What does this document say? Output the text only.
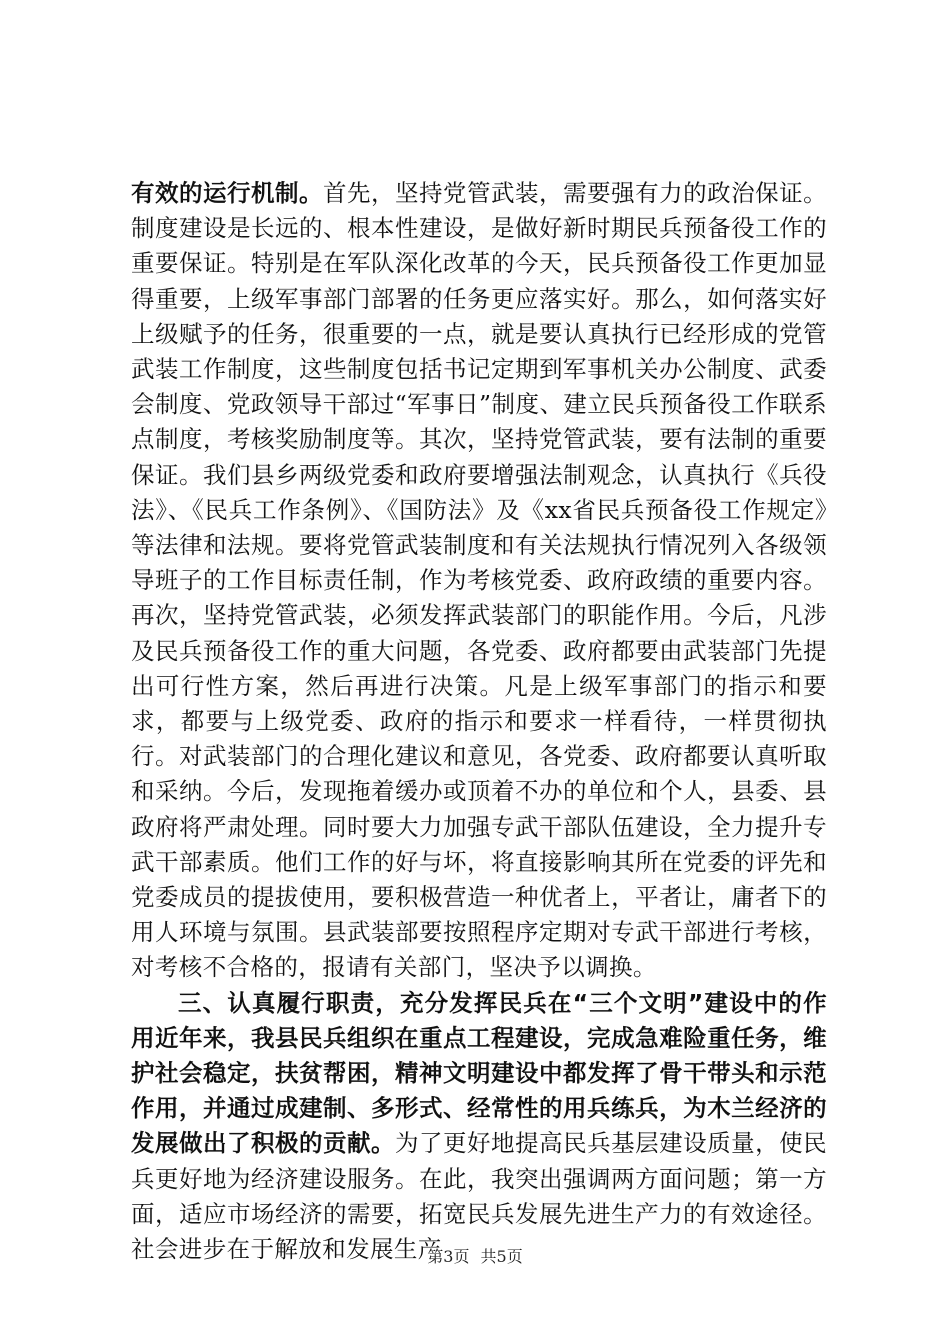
有效的运行机制。首先，坚持党管武装，需要强有力的政治保证。制度建设是长远的、根本性建设，是做好新时期民兵预备役工作的重要保证。特别是在军队深化改革的今天，民兵预备役工作更加显得重要，上级军事部门部署的任务更应落实好。那么，如何落实好上级赋予的任务，很重要的一点，就是要认真执行已经形成的党管武装工作制度，这些制度包括书记定期到军事机关办公制度、武委会制度、党政领导干部过“军事日”制度、建立民兵预备役工作联系点制度，考核奖励制度等。其次，坚持党管武装，要有法制的重要保证。我们县乡两级党委和政府要增强法制观念，认真执行《兵役法》、《民兵工作条例》、《国防法》及《xx省民兵预备役工作规定》等法律和法规。要将党管武装制度和有关法规执行情况列入各级领导班子的工作目标责任制，作为考核党委、政府政绩的重要内容。再次，坚持党管武装，必须发挥武装部门的职能作用。今后，凡涉及民兵预备役工作的重大问题，各党委、政府都要由武装部门先提出可行性方案，然后再进行决策。凡是上级军事部门的指示和要求，都要与上级党委、政府的指示和要求一样看待，一样贯彻执行。对武装部门的合理化建议和意见，各党委、政府都要认真听取和采纳。今后，发现拖着缓办或顶着不办的单位和个人，县委、县政府将严肃处理。同时要大力加强专武干部队伍建设，全力提升专武干部素质。他们工作的好与坏，将直接影响其所在党委的评先和党委成员的提拔使用，要积极营造一种优者上，平者让，庸者下的用人环境与氛围。县武装部要按照程序定期对专武干部进行考核，对考核不合格的，报请有关部门，坚决予以调换。

三、认真履行职责，充分发挥民兵在“三个文明”建设中的作用近年来，我县民兵组织在重点工程建设，完成急难险重任务，维护社会稳定，扶贫帮困，精神文明建设中都发挥了骨干带头和示范作用，并通过成建制、多形式、经常性的用兵练兵，为木兰经济的发展做出了积极的贡献。为了更好地提高民兵基层建设质量，使民兵更好地为经济建设服务。在此，我突出强调两方面问题；第一方面，适应市场经济的需要，拓宽民兵发展先进生产力的有效途径。社会进步在于解放和发展生产

第3页 共5页
